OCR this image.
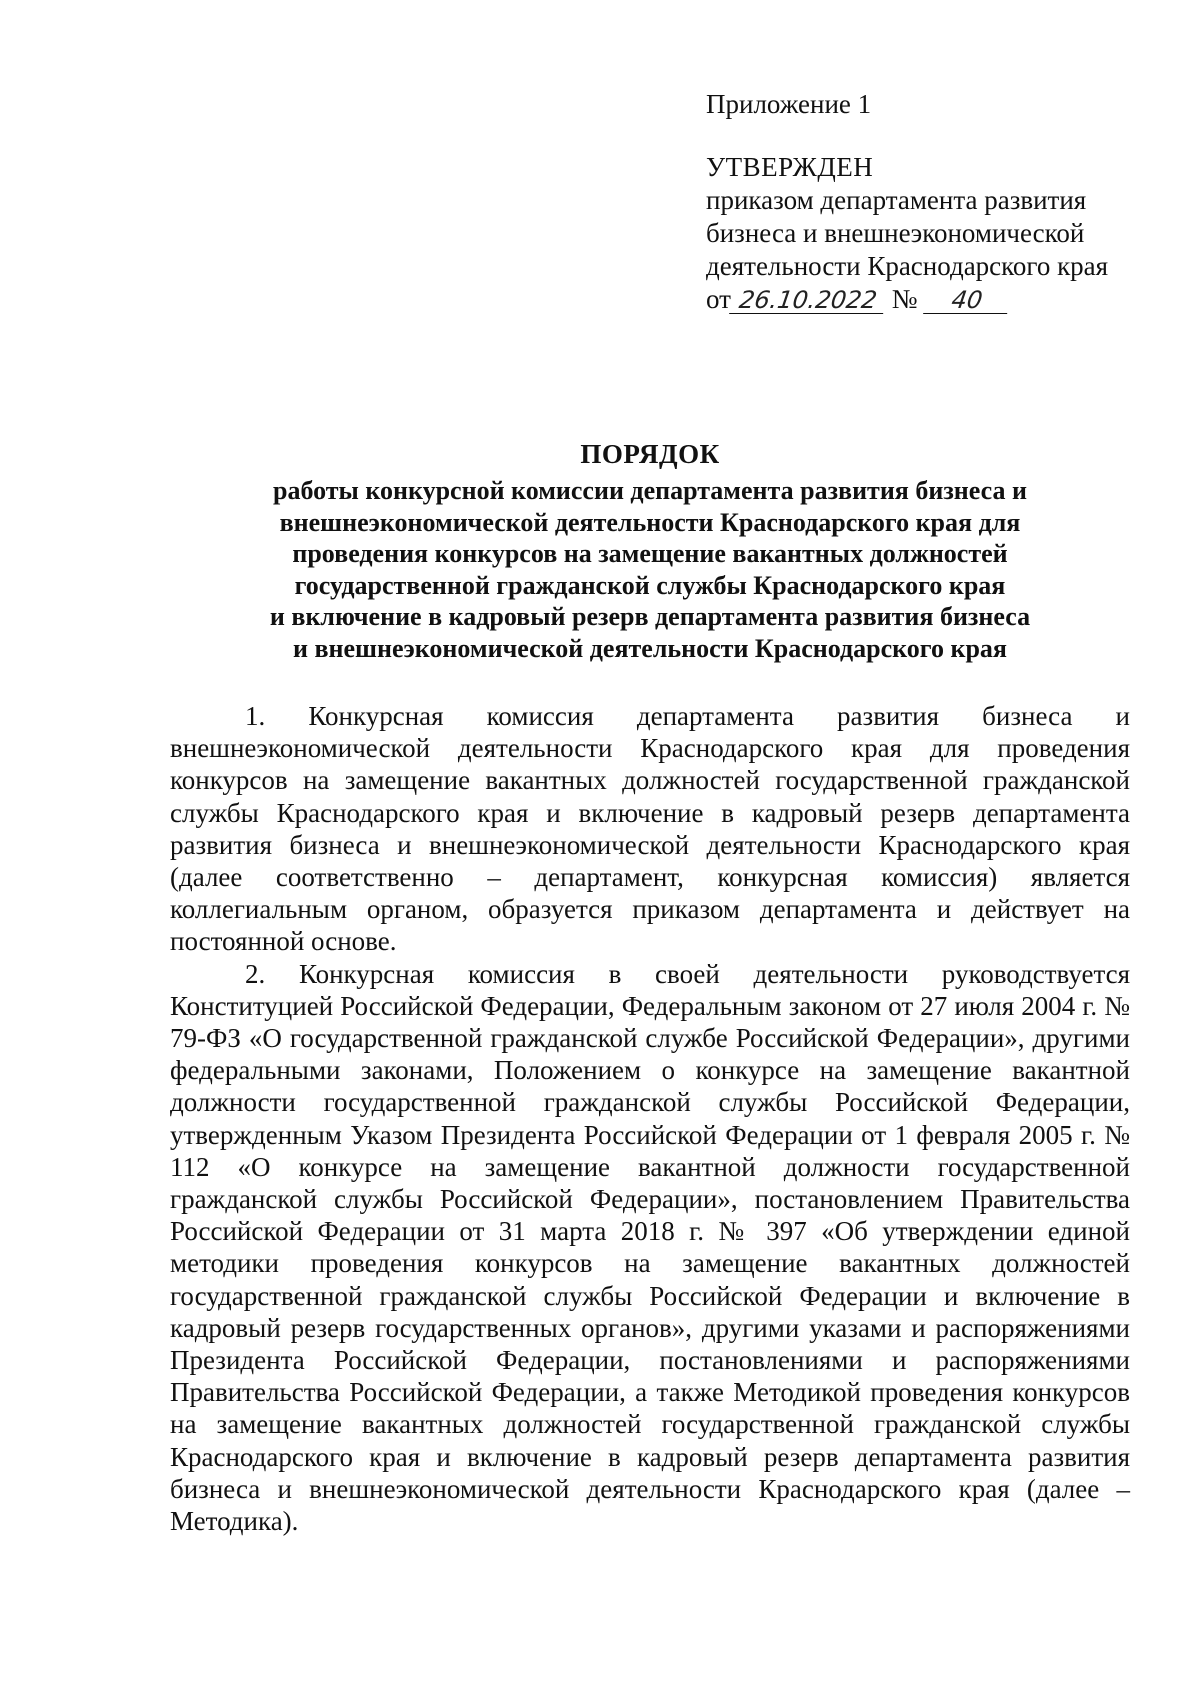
Приложение 1

УТВЕРЖДЕН

приказом департамента развития

бизнеса и внешнеэкономической

деятельности Краснодарского края

от 26.10.2022 № 40

ПОРЯДОК

работы конкурсной комиссии департамента развития бизнеса и

внешнеэкономической деятельности Краснодарского края для

проведения конкурсов на замещение вакантных должностей

государственной гражданской службы Краснодарского края

и включение в кадровый резерв департамента развития бизнеса

и внешнеэкономической деятельности Краснодарского края

1. Конкурсная комиссия департамента развития бизнеса и внешнеэкономической деятельности Краснодарского края для проведения конкурсов на замещение вакантных должностей государственной гражданской службы Краснодарского края и включение в кадровый резерв департамента развития бизнеса и внешнеэкономической деятельности Краснодарского края (далее соответственно – департамент, конкурсная комиссия) является коллегиальным органом, образуется приказом департамента и действует на постоянной основе.

2. Конкурсная комиссия в своей деятельности руководствуется Конституцией Российской Федерации, Федеральным законом от 27 июля 2004 г. № 79-ФЗ «О государственной гражданской службе Российской Федерации», другими федеральными законами, Положением о конкурсе на замещение вакантной должности государственной гражданской службы Российской Федерации, утвержденным Указом Президента Российской Федерации от 1 февраля 2005 г. № 112 «О конкурсе на замещение вакантной должности государственной гражданской службы Российской Федерации», постановлением Правительства Российской Федерации от 31 марта 2018 г. № 397 «Об утверждении единой методики проведения конкурсов на замещение вакантных должностей государственной гражданской службы Российской Федерации и включение в кадровый резерв государственных органов», другими указами и распоряжениями Президента Российской Федерации, постановлениями и распоряжениями Правительства Российской Федерации, а также Методикой проведения конкурсов на замещение вакантных должностей государственной гражданской службы Краснодарского края и включение в кадровый резерв департамента развития бизнеса и внешнеэкономической деятельности Краснодарского края (далее – Методика).
